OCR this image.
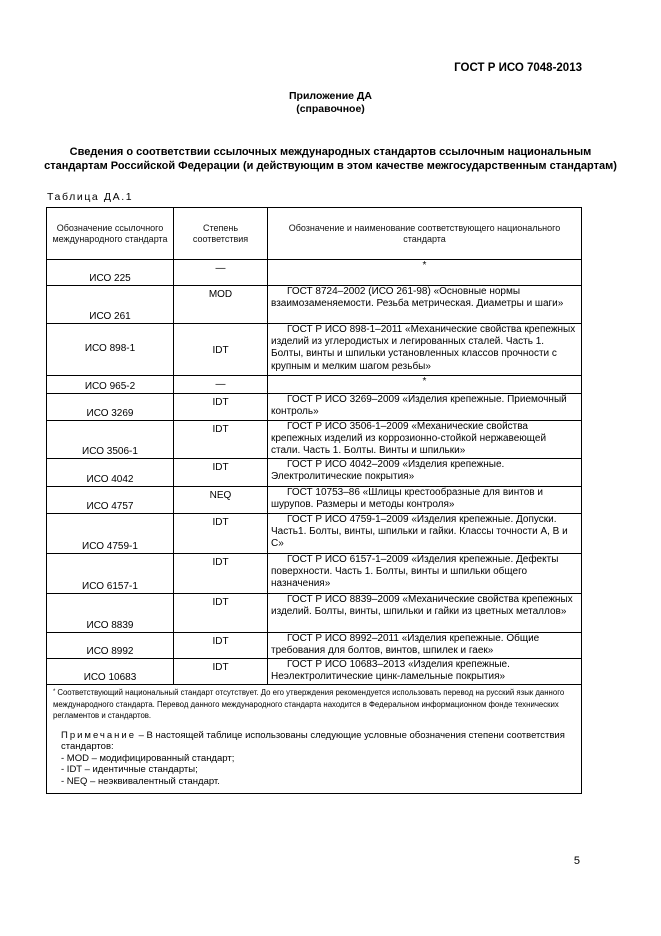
ГОСТ Р ИСО 7048-2013
Приложение ДА
(справочное)
Сведения о соответствии ссылочных международных стандартов ссылочным национальным стандартам Российской Федерации (и действующим в этом качестве межгосударственным стандартам)
Таблица ДА.1
Обозначение ссылочного международного стандарта	Степень соответствия	Обозначение и наименование соответствующего национального стандарта
ИСО 225	—	*
ИСО 261	MOD	ГОСТ 8724–2002 (ИСО 261-98) «Основные нормы взаимозаменяемости. Резьба метрическая. Диаметры и шаги»
ИСО 898-1	IDT	ГОСТ Р ИСО 898-1–2011 «Механические свойства крепежных изделий из углеродистых и легированных сталей. Часть 1. Болты, винты и шпильки установленных классов прочности с крупным и мелким шагом резьбы»
ИСО 965-2	—	*
ИСО 3269	IDT	ГОСТ Р ИСО 3269–2009 «Изделия крепежные. Приемочный контроль»
ИСО 3506-1	IDT	ГОСТ Р ИСО 3506-1–2009 «Механические свойства крепежных изделий из коррозионно-стойкой нержавеющей стали. Часть 1. Болты. Винты и шпильки»
ИСО 4042	IDT	ГОСТ Р ИСО 4042–2009 «Изделия крепежные. Электролитические покрытия»
ИСО 4757	NEQ	ГОСТ 10753–86 «Шлицы крестообразные для винтов и шурупов. Размеры и методы контроля»
ИСО 4759-1	IDT	ГОСТ Р ИСО 4759-1–2009 «Изделия крепежные. Допуски. Часть1. Болты, винты, шпильки и гайки. Классы точности A, B и C»
ИСО 6157-1	IDT	ГОСТ Р ИСО 6157-1–2009 «Изделия крепежные. Дефекты поверхности. Часть 1. Болты, винты и шпильки общего назначения»
ИСО 8839	IDT	ГОСТ Р ИСО 8839–2009 «Механические свойства крепежных изделий. Болты, винты, шпильки и гайки из цветных металлов»
ИСО 8992	IDT	ГОСТ Р ИСО 8992–2011 «Изделия крепежные. Общие требования для болтов, винтов, шпилек и гаек»
ИСО 10683	IDT	ГОСТ Р ИСО 10683–2013 «Изделия крепежные. Неэлектролитические цинк-ламельные покрытия»

* Соответствующий национальный стандарт отсутствует. До его утверждения рекомендуется использовать перевод на русский язык данного международного стандарта. Перевод данного международного стандарта находится в Федеральном информационном фонде технических регламентов и стандартов.
Примечание – В настоящей таблице использованы следующие условные обозначения степени соответствия стандартов:
- MOD – модифицированный стандарт;
- IDT – идентичные стандарты;
- NEQ – неэквивалентный стандарт.		
5
